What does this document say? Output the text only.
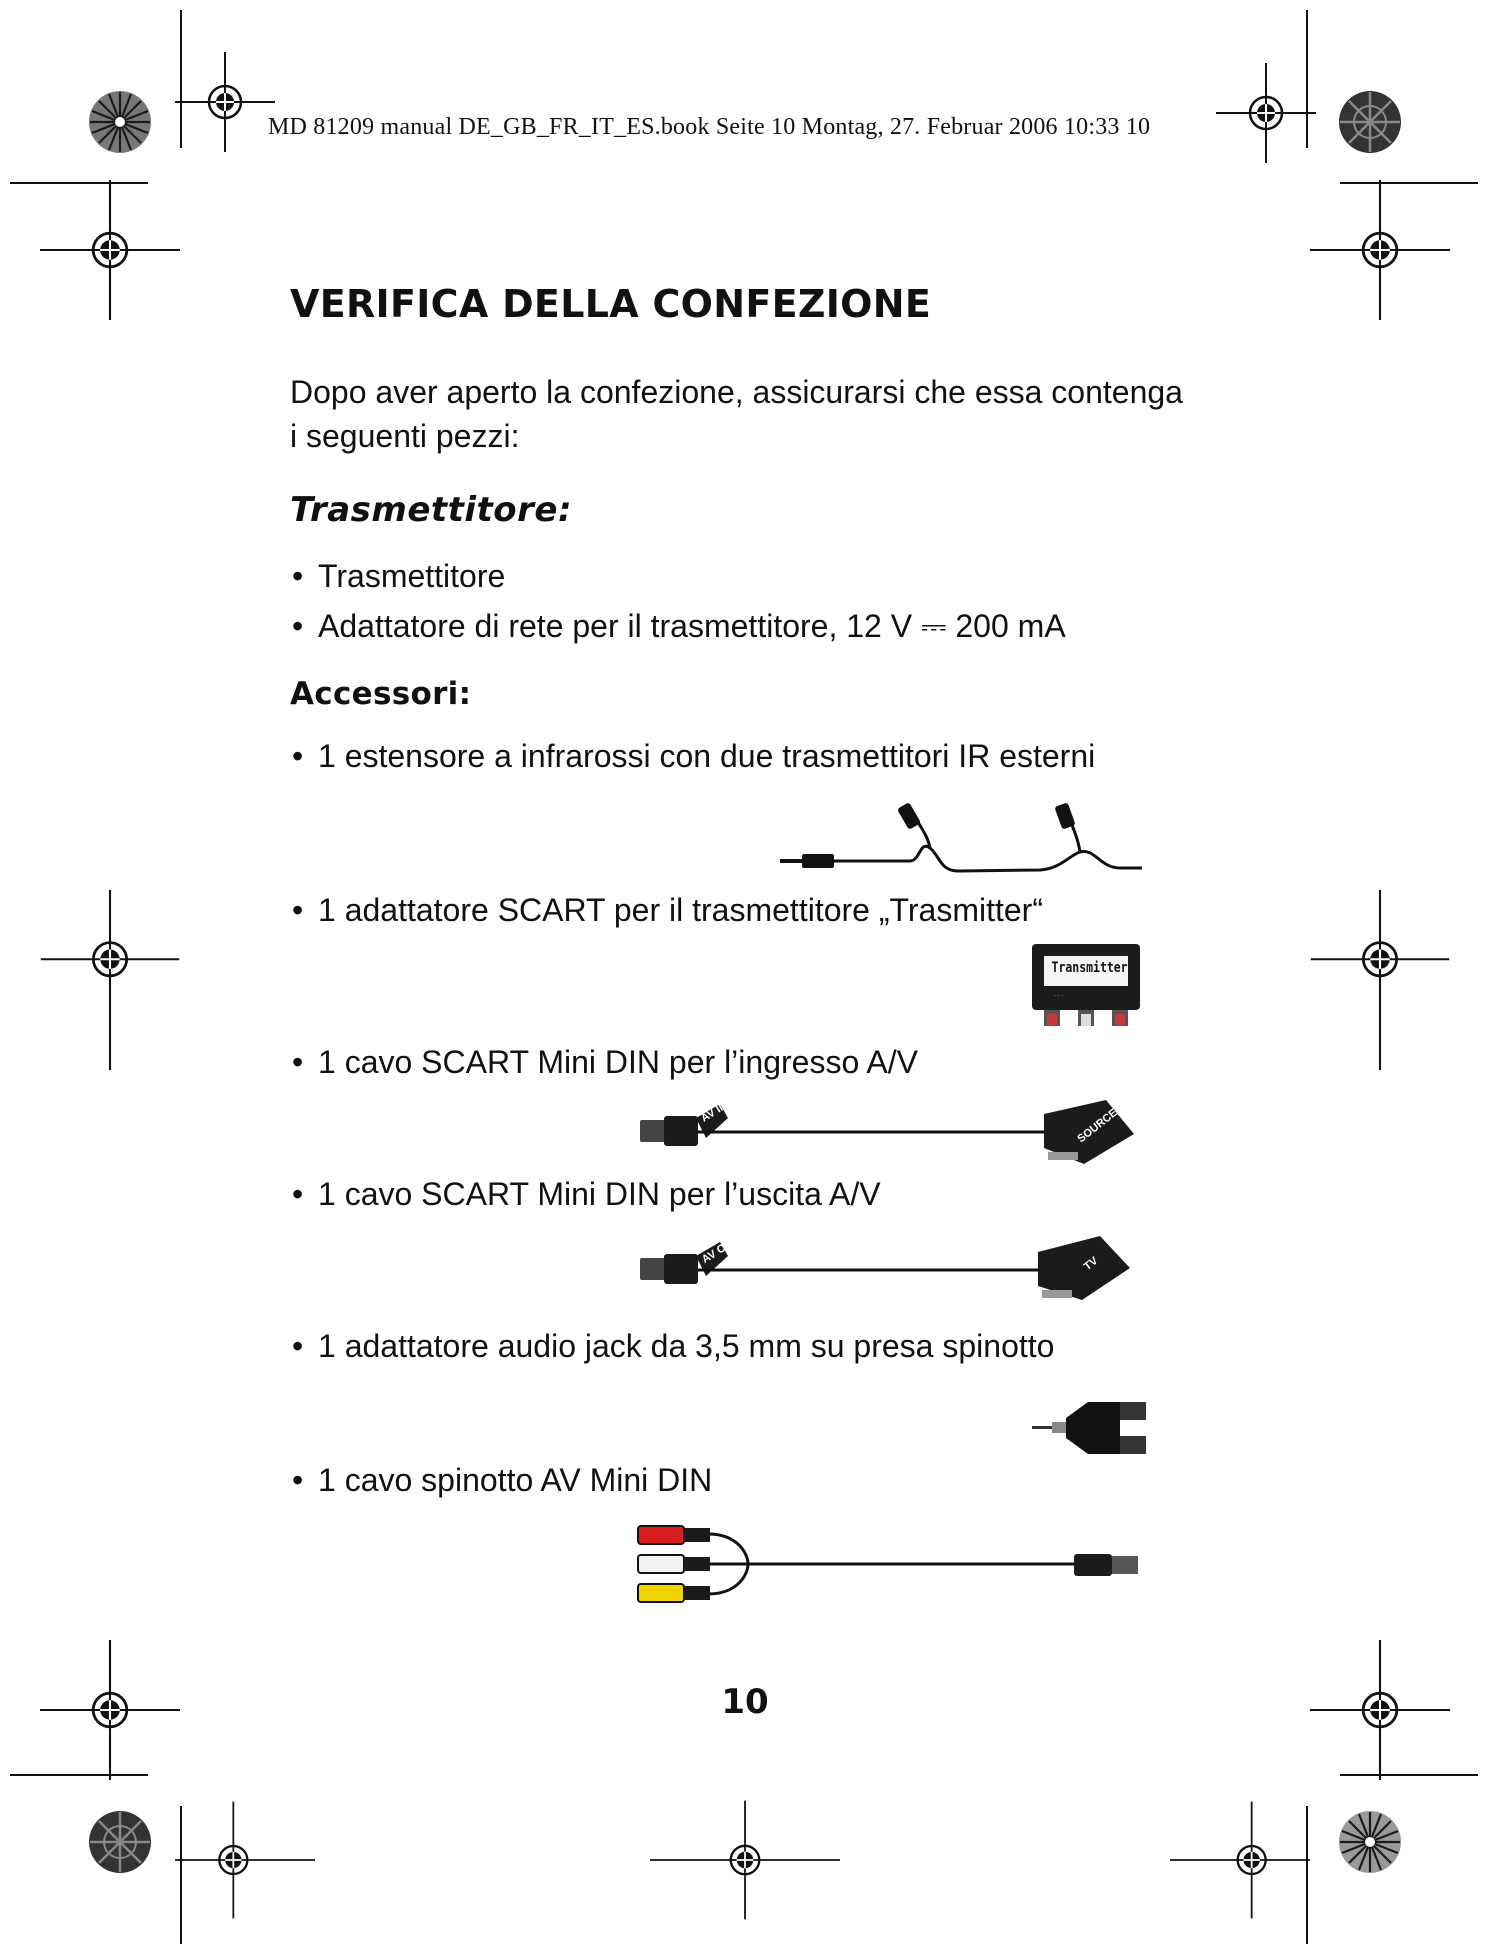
MD 81209 manual DE_GB_FR_IT_ES.book Seite 10 Montag, 27. Februar 2006 10:33 10
VERIFICA DELLA CONFEZIONE
Dopo aver aperto la confezione, assicurarsi che essa contenga i seguenti pezzi:
Trasmettitore:
• Trasmettitore
• Adattatore di rete per il trasmettitore, 12 V ⎓ 200 mA
Accessori:
• 1 estensore a infrarossi con due trasmettitori IR esterni
• 1 adattatore SCART per il trasmettitore „Trasmitter“
· · ·
Transmitter
• 1 cavo SCART Mini DIN per l’ingresso A/V
AV IN	SOURCE
• 1 cavo SCART Mini DIN per l’uscita A/V
AV OUT	TV
• 1 adattatore audio jack da 3,5 mm su presa spinotto
• 1 cavo spinotto AV Mini DIN
10
